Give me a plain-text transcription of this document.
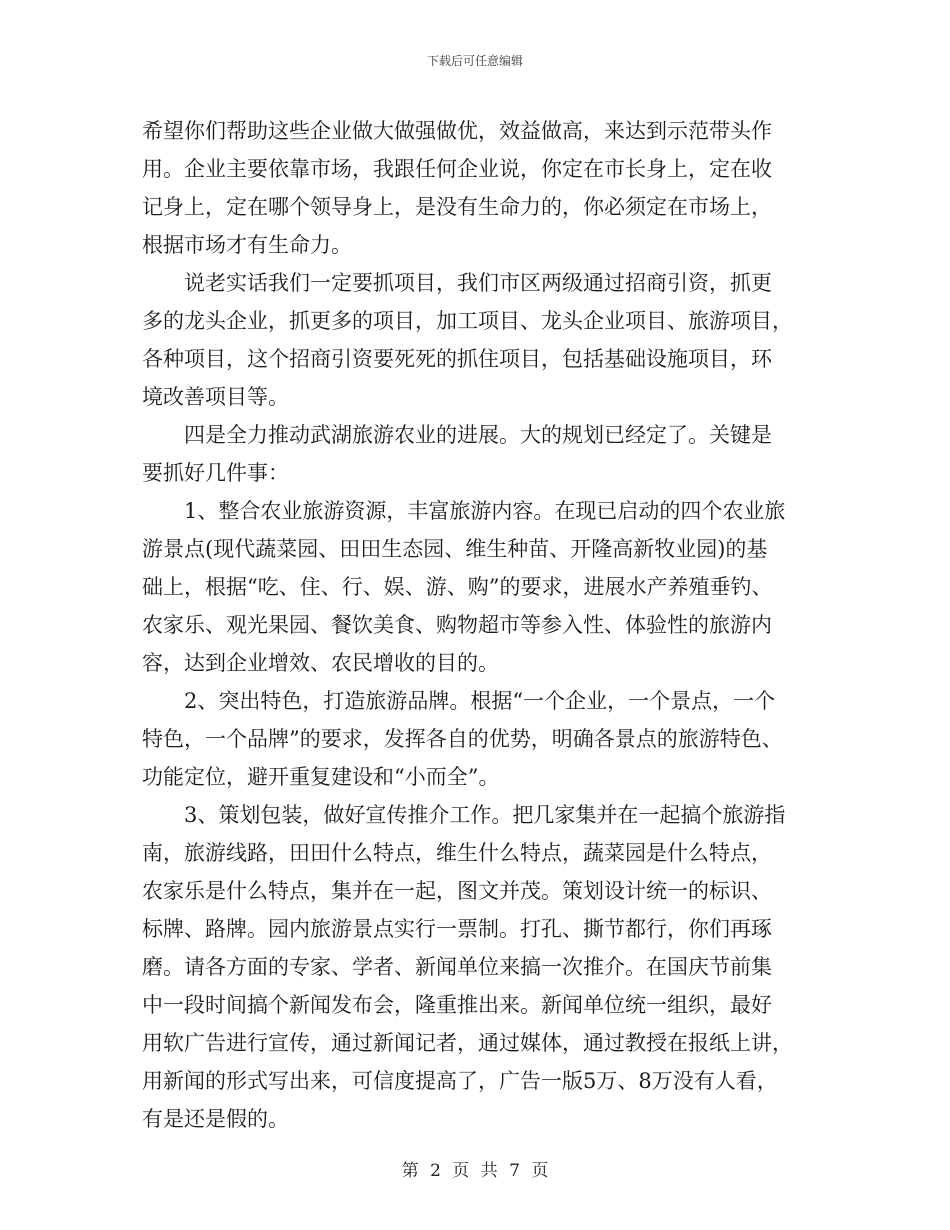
下载后可任意编辑

希望你们帮助这些企业做大做强做优，效益做高，来达到示范带头作
用。企业主要依靠市场，我跟任何企业说，你定在市长身上，定在收
记身上，定在哪个领导身上，是没有生命力的，你必须定在市场上，
根据市场才有生命力。

　　说老实话我们一定要抓项目，我们市区两级通过招商引资，抓更
多的龙头企业，抓更多的项目，加工项目、龙头企业项目、旅游项目，
各种项目，这个招商引资要死死的抓住项目，包括基础设施项目，环
境改善项目等。

　　四是全力推动武湖旅游农业的进展。大的规划已经定了。关键是
要抓好几件事：

　　1、整合农业旅游资源，丰富旅游内容。在现已启动的四个农业旅
游景点(现代蔬菜园、田田生态园、维生种苗、开隆高新牧业园)的基
础上，根据“吃、住、行、娱、游、购”的要求，进展水产养殖垂钓、
农家乐、观光果园、餐饮美食、购物超市等参入性、体验性的旅游内
容，达到企业增效、农民增收的目的。

　　2、突出特色，打造旅游品牌。根据“一个企业，一个景点，一个
特色，一个品牌”的要求，发挥各自的优势，明确各景点的旅游特色、
功能定位，避开重复建设和“小而全”。

　　3、策划包装，做好宣传推介工作。把几家集并在一起搞个旅游指
南，旅游线路，田田什么特点，维生什么特点，蔬菜园是什么特点，
农家乐是什么特点，集并在一起，图文并茂。策划设计统一的标识、
标牌、路牌。园内旅游景点实行一票制。打孔、撕节都行，你们再琢
磨。请各方面的专家、学者、新闻单位来搞一次推介。在国庆节前集
中一段时间搞个新闻发布会，隆重推出来。新闻单位统一组织，最好
用软广告进行宣传，通过新闻记者，通过媒体，通过教授在报纸上讲，
用新闻的形式写出来，可信度提高了，广告一版5万、8万没有人看，
有是还是假的。

第 2 页 共 7 页
